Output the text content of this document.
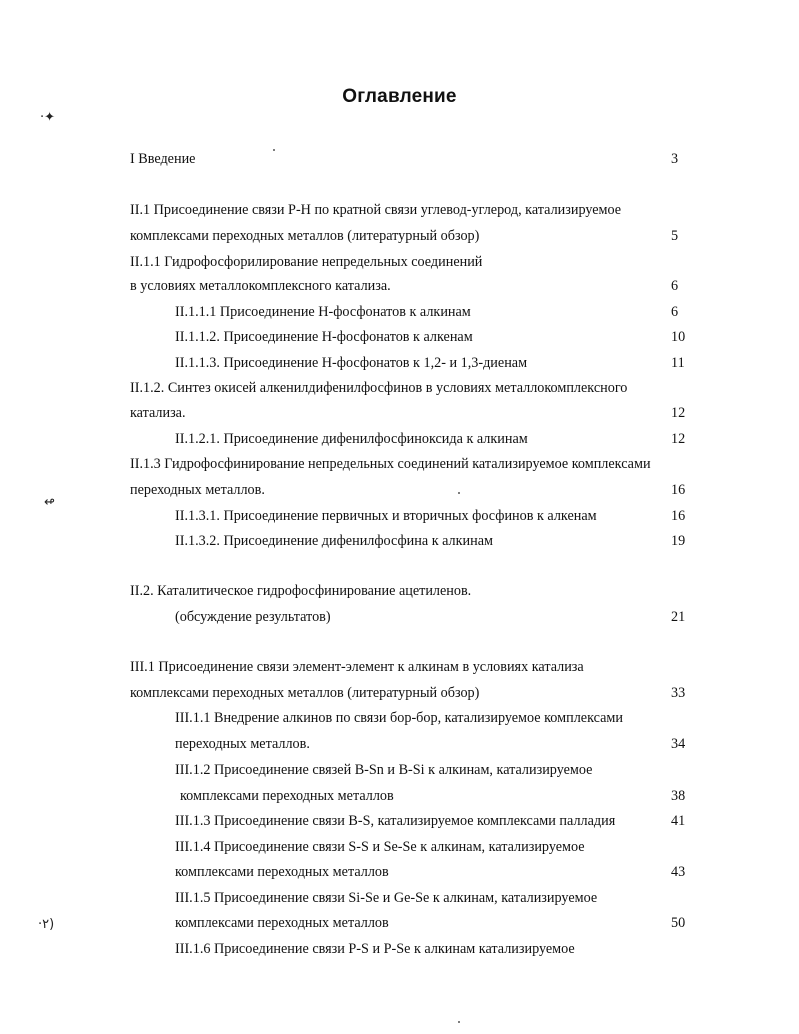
Оглавление
I Введение	3
II.1 Присоединение связи Р-Н по кратной связи углевод-углерод, катализируемое
комплексами переходных металлов (литературный обзор)	5
II.1.1 Гидрофосфорилирование непредельных соединений
в условиях металлокомплексного катализа.	6
II.1.1.1 Присоединение Н-фосфонатов к алкинам	6
II.1.1.2. Присоединение Н-фосфонатов к алкенам	10
II.1.1.3. Присоединение Н-фосфонатов к 1,2- и 1,3-диенам	11
II.1.2. Синтез окисей алкенилдифенилфосфинов в условиях металлокомплексного
катализа.	12
II.1.2.1. Присоединение дифенилфосфиноксида к алкинам	12
II.1.3 Гидрофосфинирование непредельных соединений катализируемое комплексами
переходных металлов.	16
II.1.3.1. Присоединение первичных и вторичных фосфинов к алкенам	16
II.1.3.2. Присоединение дифенилфосфина к алкинам	19
II.2. Каталитическое гидрофосфинирование ацетиленов.
(обсуждение результатов)	21
III.1 Присоединение связи элемент-элемент к алкинам в условиях катализа
комплексами переходных металлов (литературный обзор)	33
III.1.1 Внедрение алкинов по связи бор-бор, катализируемое комплексами
переходных металлов.	34
III.1.2 Присоединение связей B-Sn и B-Si к алкинам, катализируемое
комплексами переходных металлов	38
III.1.3 Присоединение связи B-S, катализируемое комплексами палладия	41
III.1.4 Присоединение связи S-S и Se-Se к алкинам, катализируемое
комплексами переходных металлов	43
III.1.5 Присоединение связи Si-Se и Ge-Se к алкинам, катализируемое
комплексами переходных металлов	50
III.1.6 Присоединение связи P-S и P-Se к алкинам катализируемое
·✦
↫
·٢)
